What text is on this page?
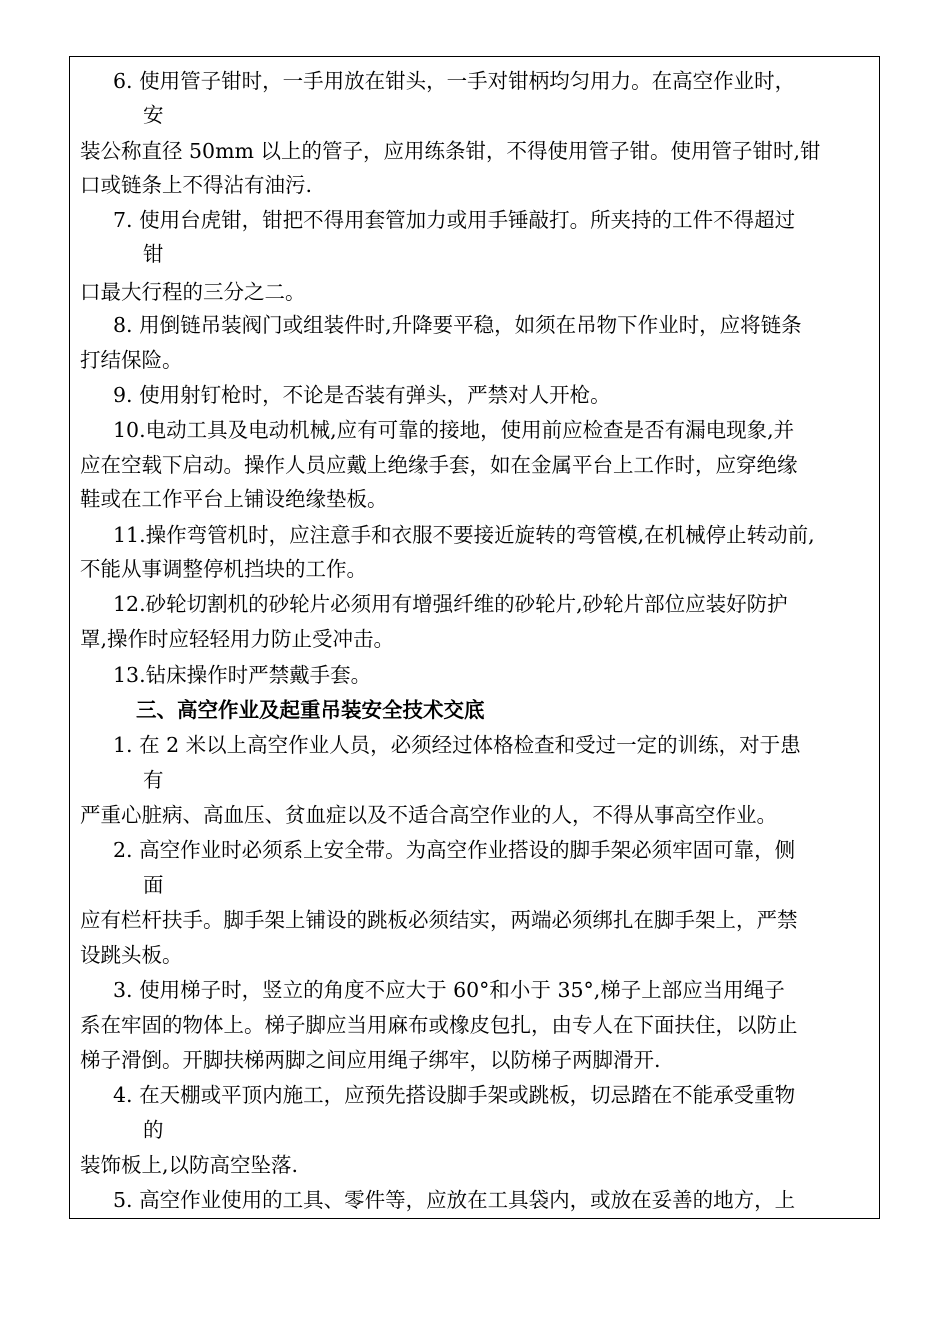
6. 使用管子钳时，一手用放在钳头，一手对钳柄均匀用力。在高空作业时，
安
装公称直径 50mm 以上的管子，应用练条钳，不得使用管子钳。使用管子钳时,钳
口或链条上不得沾有油污.
7. 使用台虎钳，钳把不得用套管加力或用手锤敲打。所夹持的工件不得超过
钳
口最大行程的三分之二。
8. 用倒链吊装阀门或组装件时,升降要平稳，如须在吊物下作业时，应将链条
打结保险。
9. 使用射钉枪时，不论是否装有弹头，严禁对人开枪。
10.电动工具及电动机械,应有可靠的接地，使用前应检查是否有漏电现象,并
应在空载下启动。操作人员应戴上绝缘手套，如在金属平台上工作时，应穿绝缘
鞋或在工作平台上铺设绝缘垫板。
11.操作弯管机时，应注意手和衣服不要接近旋转的弯管模,在机械停止转动前,
不能从事调整停机挡块的工作。
12.砂轮切割机的砂轮片必须用有增强纤维的砂轮片,砂轮片部位应装好防护
罩,操作时应轻轻用力防止受冲击。
13.钻床操作时严禁戴手套。
三、高空作业及起重吊装安全技术交底
1. 在 2 米以上高空作业人员，必须经过体格检查和受过一定的训练，对于患
有
严重心脏病、高血压、贫血症以及不适合高空作业的人，不得从事高空作业。
2. 高空作业时必须系上安全带。为高空作业搭设的脚手架必须牢固可靠，侧
面
应有栏杆扶手。脚手架上铺设的跳板必须结实，两端必须绑扎在脚手架上，严禁
设跳头板。
3. 使用梯子时，竖立的角度不应大于 60°和小于 35°,梯子上部应当用绳子
系在牢固的物体上。梯子脚应当用麻布或橡皮包扎，由专人在下面扶住，以防止
梯子滑倒。开脚扶梯两脚之间应用绳子绑牢，以防梯子两脚滑开.
4. 在天棚或平顶内施工，应预先搭设脚手架或跳板，切忌踏在不能承受重物
的
装饰板上,以防高空坠落.
5. 高空作业使用的工具、零件等，应放在工具袋内，或放在妥善的地方，上
